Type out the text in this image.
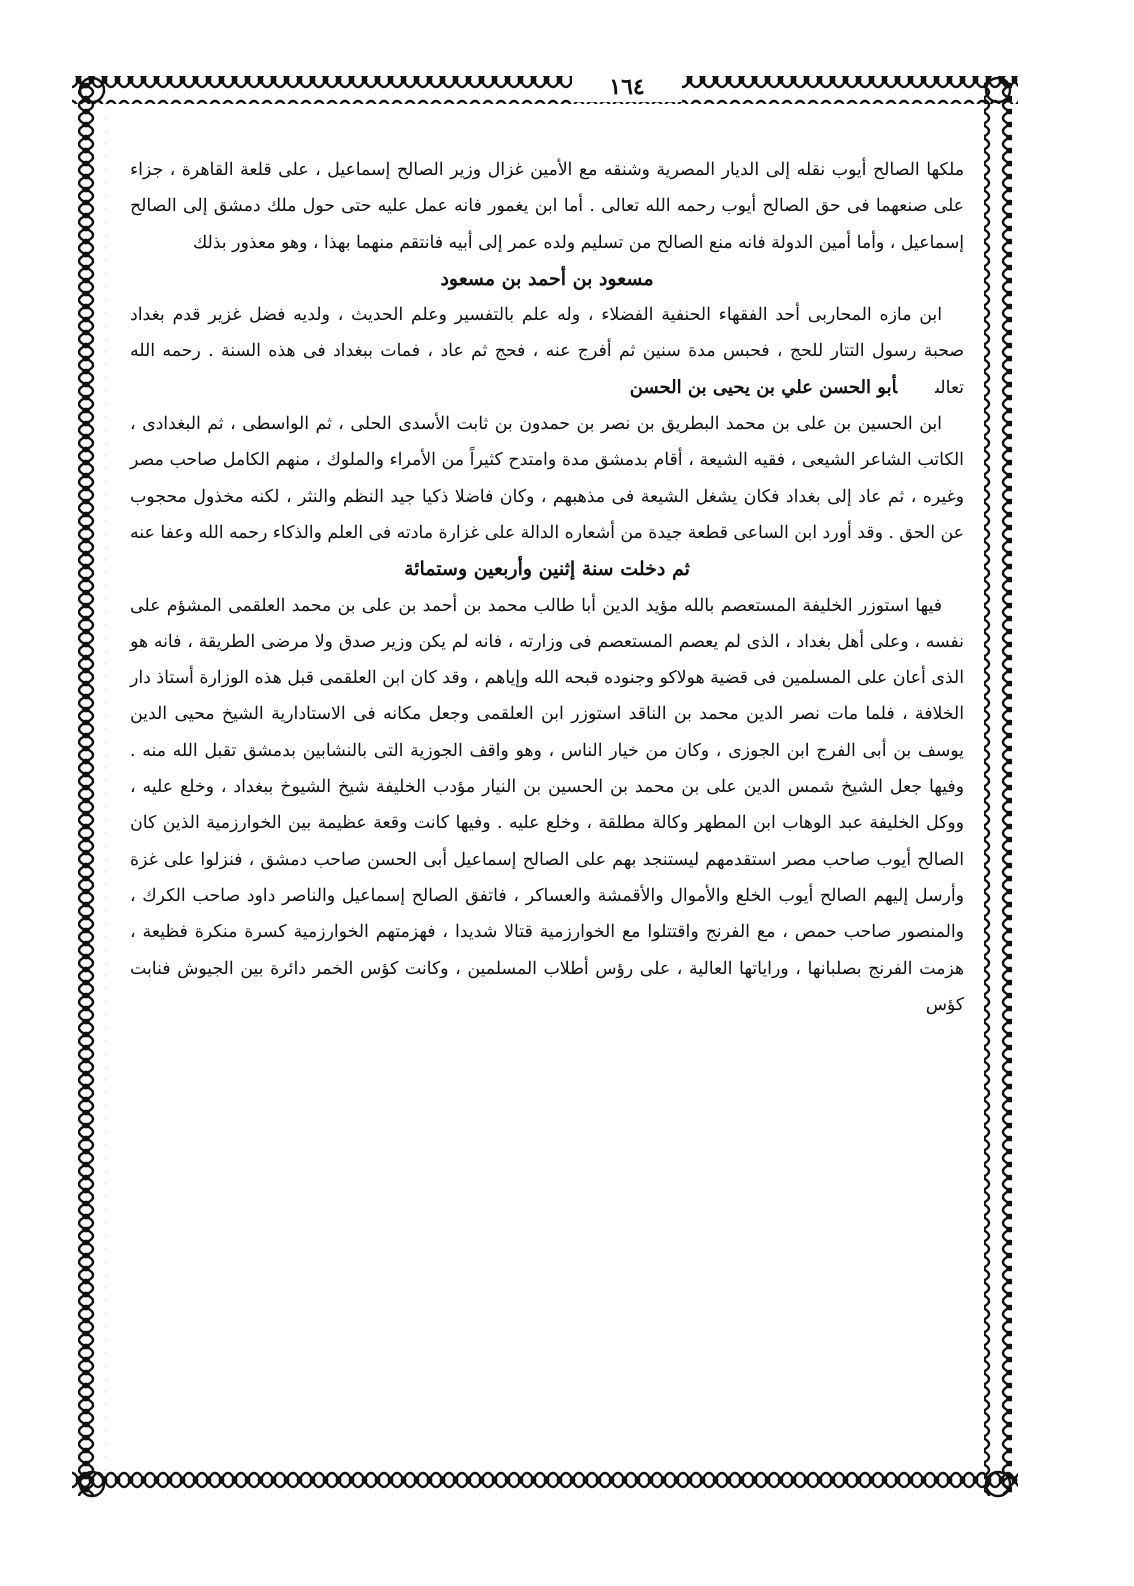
١٦٤

ملكها الصالح أيوب نقله إلى الديار المصرية وشنقه مع الأمين غزال وزير الصالح إسماعيل ، على قلعة القاهرة ، جزاء على صنعهما فى حق الصالح أيوب رحمه الله تعالى . أما ابن يغمور فانه عمل عليه حتى حول ملك دمشق إلى الصالح إسماعيل ، وأما أمين الدولة فانه منع الصالح من تسليم ولده عمر إلى أبيه فانتقم منهما بهذا ، وهو معذور بذلك

مسعود بن أحمد بن مسعود

ابن مازه المحاربى أحد الفقهاء الحنفية الفضلاء ، وله علم بالتفسير وعلم الحديث ، ولديه فضل غزير قدم بغداد صحبة رسول التتار للحج ، فحبس مدة سنين ثم أفرج عنه ، فحج ثم عاد ، فمات ببغداد فى هذه السنة . رحمه الله تعالىأبو الحسن علي بن يحيى بن الحسن

ابن الحسين بن على بن محمد البطريق بن نصر بن حمدون بن ثابت الأسدى الحلى ، ثم الواسطى ، ثم البغدادى ، الكاتب الشاعر الشيعى ، فقيه الشيعة ، أقام بدمشق مدة وامتدح كثيراً من الأمراء والملوك ، منهم الكامل صاحب مصر وغيره ، ثم عاد إلى بغداد فكان يشغل الشيعة فى مذهبهم ، وكان فاضلا ذكيا جيد النظم والنثر ، لكنه مخذول محجوب عن الحق . وقد أورد ابن الساعى قطعة جيدة من أشعاره الدالة على غزارة مادته فى العلم والذكاء رحمه الله وعفا عنه

ثم دخلت سنة إثنين وأربعين وستمائة

فيها استوزر الخليفة المستعصم بالله مؤيد الدين أبا طالب محمد بن أحمد بن على بن محمد العلقمى المشؤم على نفسه ، وعلى أهل بغداد ، الذى لم يعصم المستعصم فى وزارته ، فانه لم يكن وزير صدق ولا مرضى الطريقة ، فانه هو الذى أعان على المسلمين فى قضية هولاكو وجنوده قبحه الله وإياهم ، وقد كان ابن العلقمى قبل هذه الوزارة أستاذ دار الخلافة ، فلما مات نصر الدين محمد بن الناقد استوزر ابن العلقمى وجعل مكانه فى الاستادارية الشيخ محيى الدين يوسف بن أبى الفرج ابن الجوزى ، وكان من خيار الناس ، وهو واقف الجوزية التى بالنشابين بدمشق تقبل الله منه . وفيها جعل الشيخ شمس الدين على بن محمد بن الحسين بن النيار مؤدب الخليفة شيخ الشيوخ ببغداد ، وخلع عليه ، ووكل الخليفة عبد الوهاب ابن المطهر وكالة مطلقة ، وخلع عليه . وفيها كانت وقعة عظيمة بين الخوارزمية الذين كان الصالح أيوب صاحب مصر استقدمهم ليستنجد بهم على الصالح إسماعيل أبى الحسن صاحب دمشق ، فنزلوا على غزة وأرسل إليهم الصالح أيوب الخلع والأموال والأقمشة والعساكر ، فاتفق الصالح إسماعيل والناصر داود صاحب الكرك ، والمنصور صاحب حمص ، مع الفرنج واقتتلوا مع الخوارزمية قتالا شديدا ، فهزمتهم الخوارزمية كسرة منكرة فظيعة ، هزمت الفرنج بصلبانها ، وراياتها العالية ، على رؤس أطلاب المسلمين ، وكانت كؤس الخمر دائرة بين الجيوش فنابت كؤس
